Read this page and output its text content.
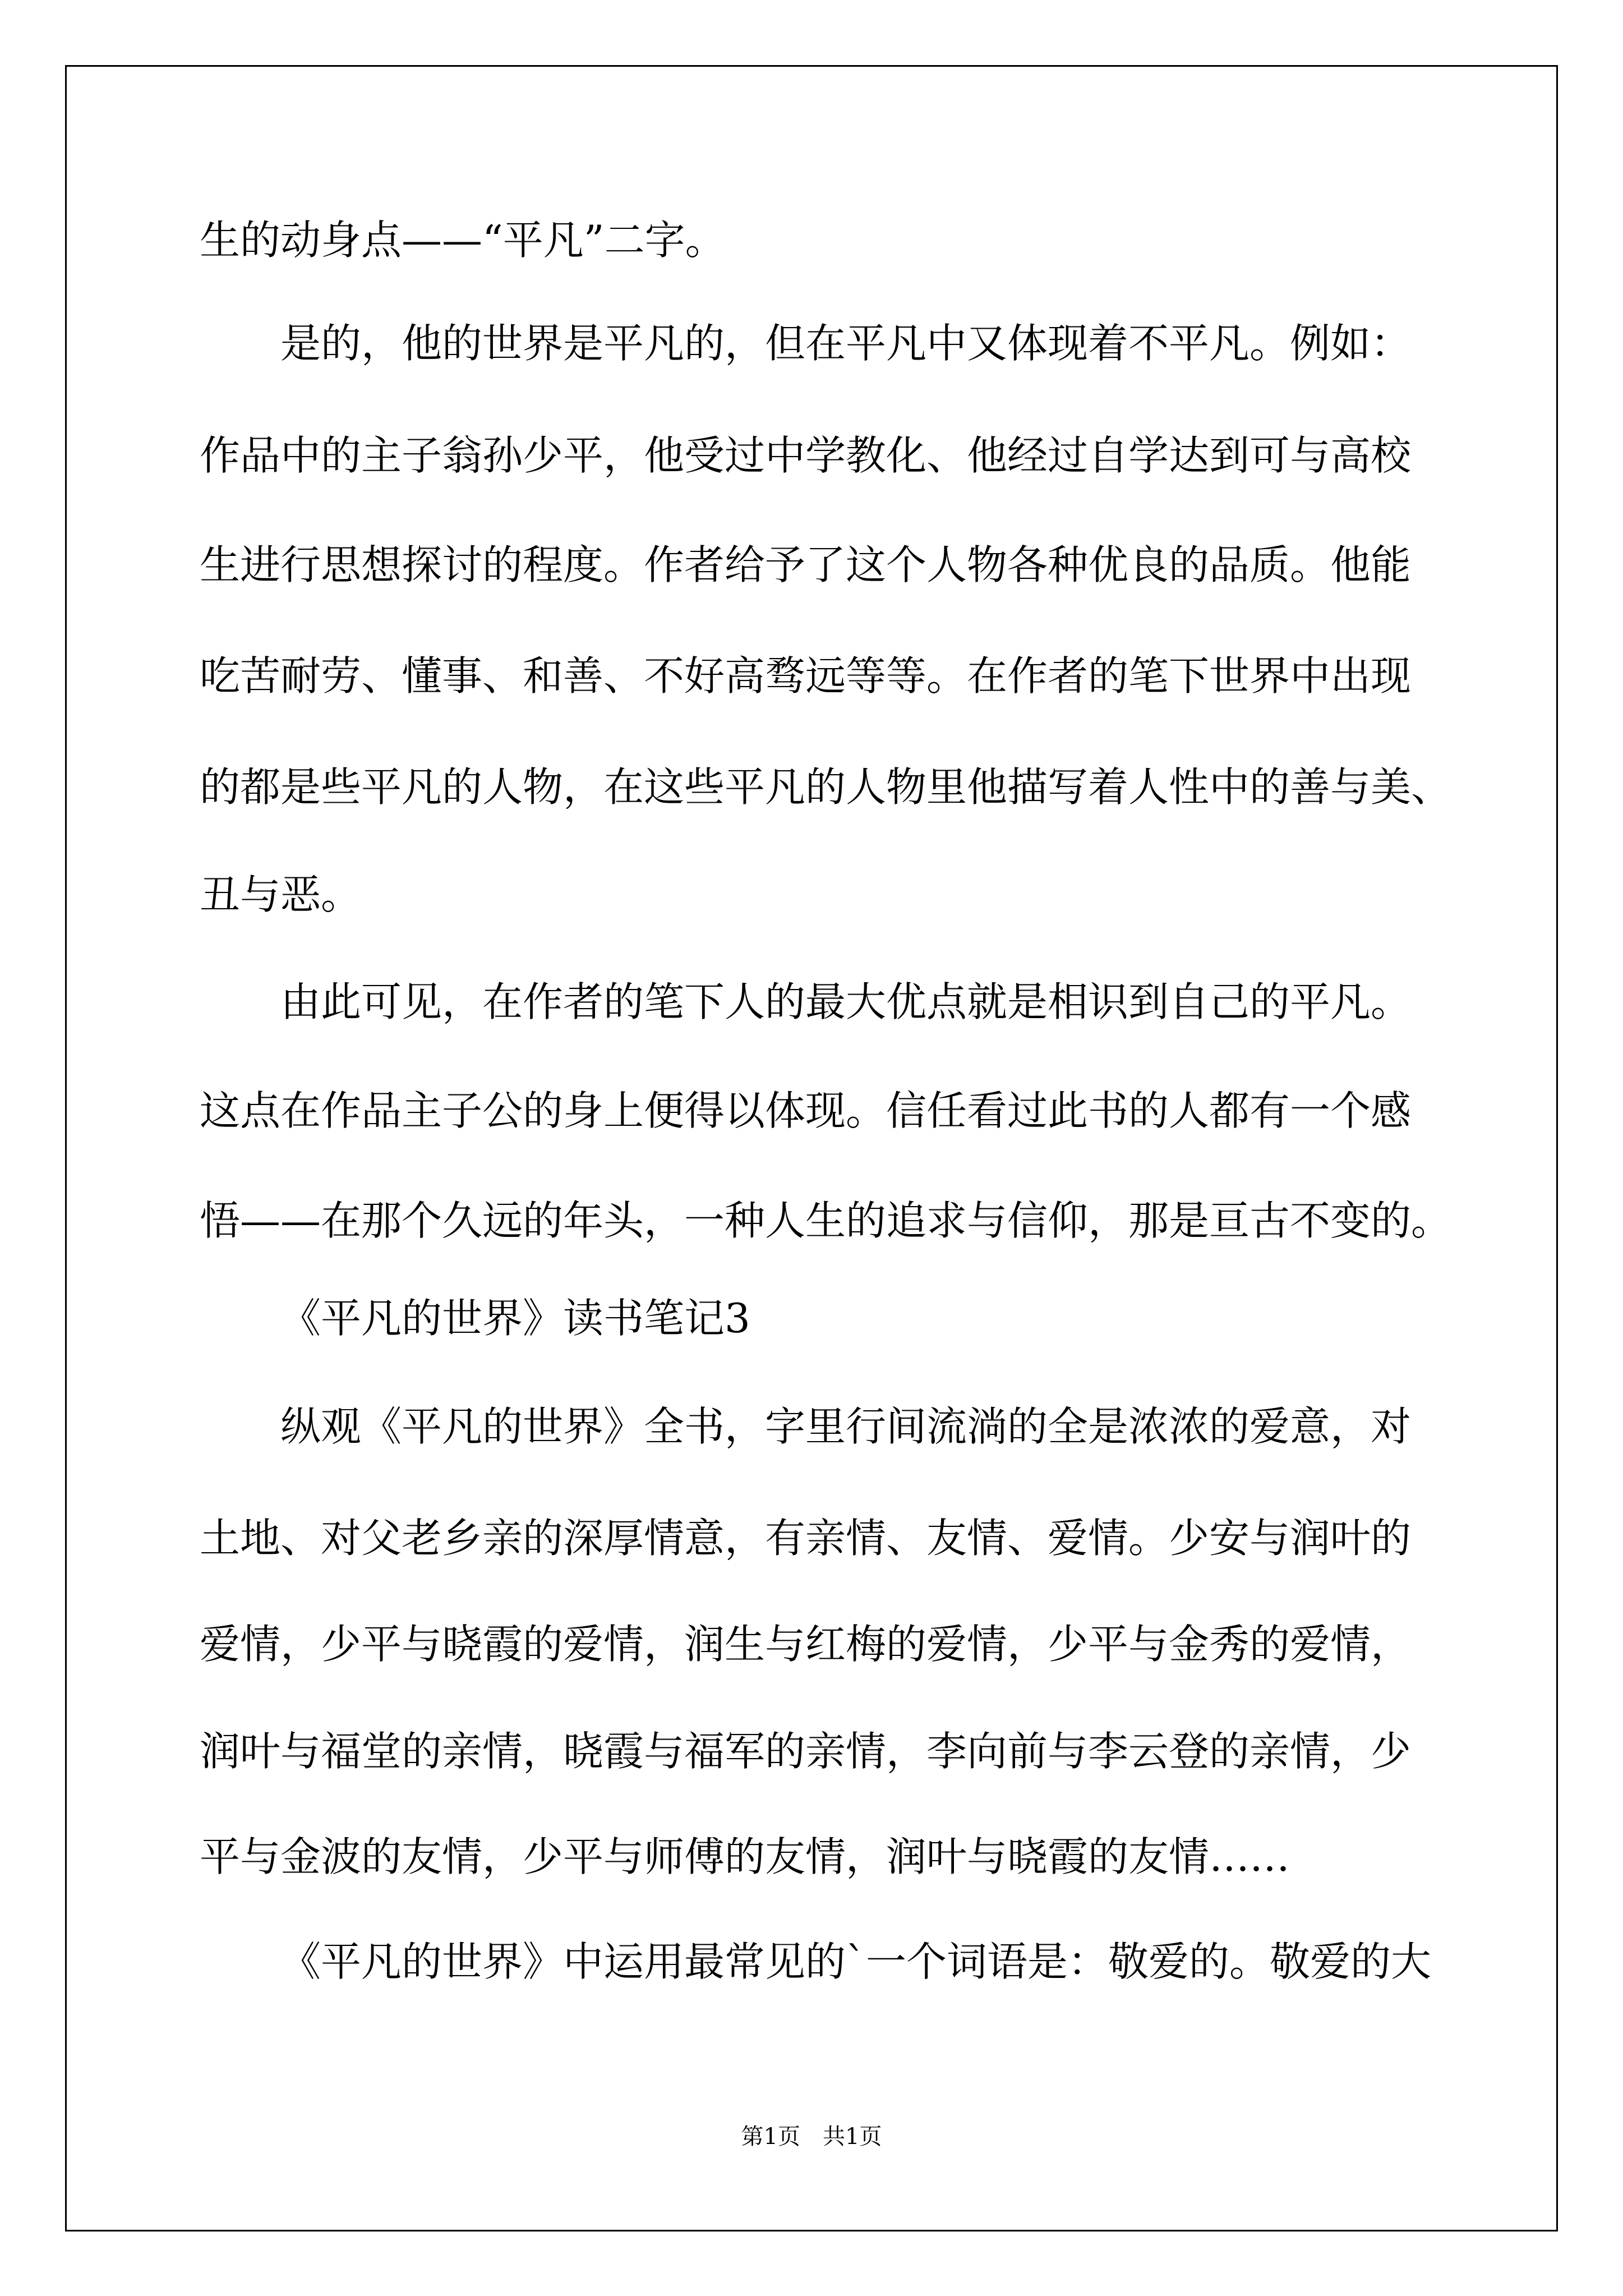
生的动身点——“平凡”二字。
是的，他的世界是平凡的，但在平凡中又体现着不平凡。例如：
作品中的主子翁孙少平，他受过中学教化、他经过自学达到可与高校
生进行思想探讨的程度。作者给予了这个人物各种优良的品质。他能
吃苦耐劳、懂事、和善、不好高骛远等等。在作者的笔下世界中出现
的都是些平凡的人物，在这些平凡的人物里他描写着人性中的善与美、
丑与恶。
由此可见，在作者的笔下人的最大优点就是相识到自己的平凡。
这点在作品主子公的身上便得以体现。信任看过此书的人都有一个感
悟——在那个久远的年头，一种人生的追求与信仰，那是亘古不变的。
《平凡的世界》读书笔记3
纵观《平凡的世界》全书，字里行间流淌的全是浓浓的爱意，对
土地、对父老乡亲的深厚情意，有亲情、友情、爱情。少安与润叶的
爱情，少平与晓霞的爱情，润生与红梅的爱情，少平与金秀的爱情，
润叶与福堂的亲情，晓霞与福军的亲情，李向前与李云登的亲情，少
平与金波的友情，少平与师傅的友情，润叶与晓霞的友情……
《平凡的世界》中运用最常见的`一个词语是：敬爱的。敬爱的大
第1页　共1页
